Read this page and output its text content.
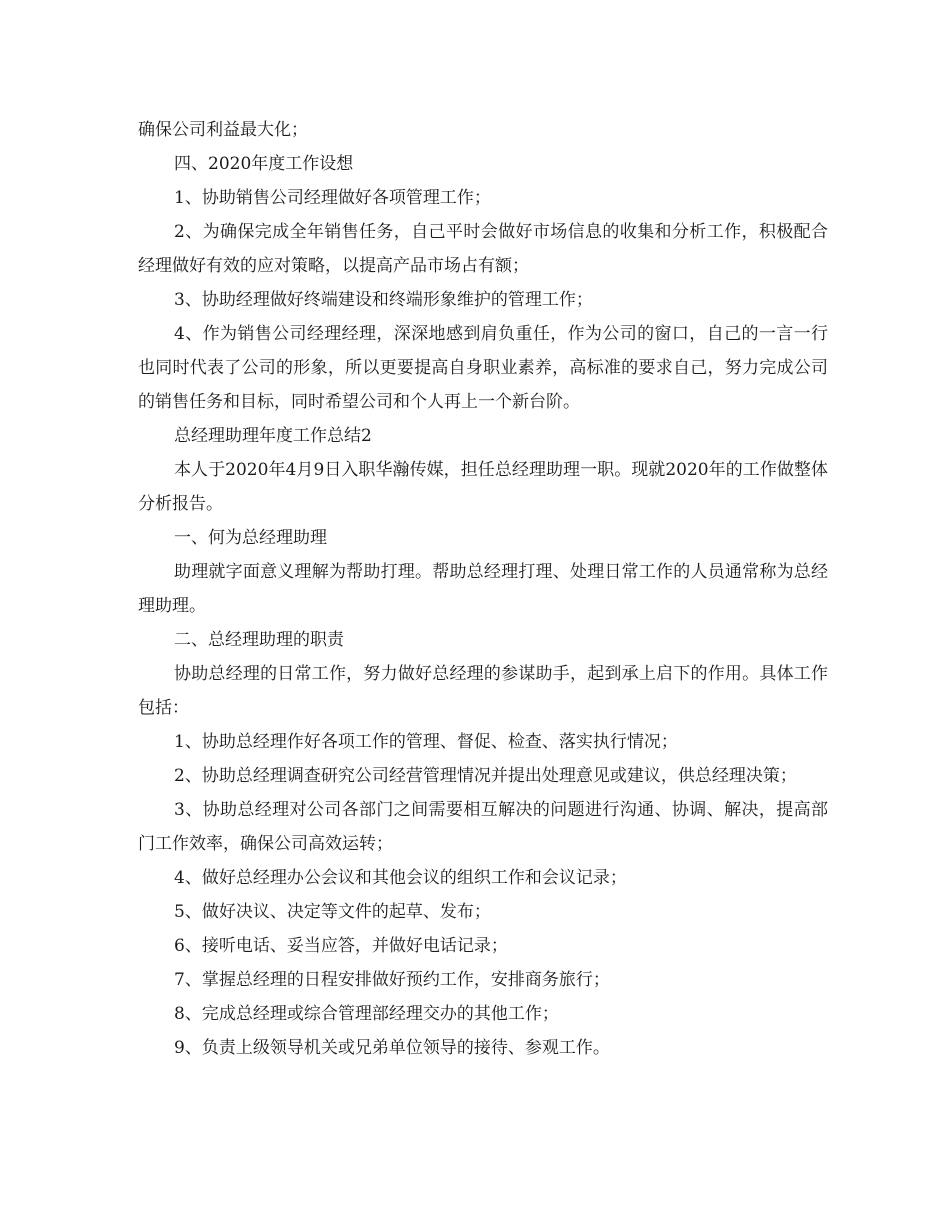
确保公司利益最大化；

四、2020年度工作设想

1、协助销售公司经理做好各项管理工作；

2、为确保完成全年销售任务，自己平时会做好市场信息的收集和分析工作，积极配合经理做好有效的应对策略，以提高产品市场占有额；

3、协助经理做好终端建设和终端形象维护的管理工作；

4、作为销售公司经理经理，深深地感到肩负重任，作为公司的窗口，自己的一言一行也同时代表了公司的形象，所以更要提高自身职业素养，高标准的要求自己，努力完成公司的销售任务和目标，同时希望公司和个人再上一个新台阶。

总经理助理年度工作总结2

本人于2020年4月9日入职华瀚传媒，担任总经理助理一职。现就2020年的工作做整体分析报告。

一、何为总经理助理

助理就字面意义理解为帮助打理。帮助总经理打理、处理日常工作的人员通常称为总经理助理。

二、总经理助理的职责

协助总经理的日常工作，努力做好总经理的参谋助手，起到承上启下的作用。具体工作包括：

1、协助总经理作好各项工作的管理、督促、检查、落实执行情况；

2、协助总经理调查研究公司经营管理情况并提出处理意见或建议，供总经理决策；

3、协助总经理对公司各部门之间需要相互解决的问题进行沟通、协调、解决，提高部门工作效率，确保公司高效运转；

4、做好总经理办公会议和其他会议的组织工作和会议记录；

5、做好决议、决定等文件的起草、发布；

6、接听电话、妥当应答，并做好电话记录；

7、掌握总经理的日程安排做好预约工作，安排商务旅行；

8、完成总经理或综合管理部经理交办的其他工作；

9、负责上级领导机关或兄弟单位领导的接待、参观工作。
